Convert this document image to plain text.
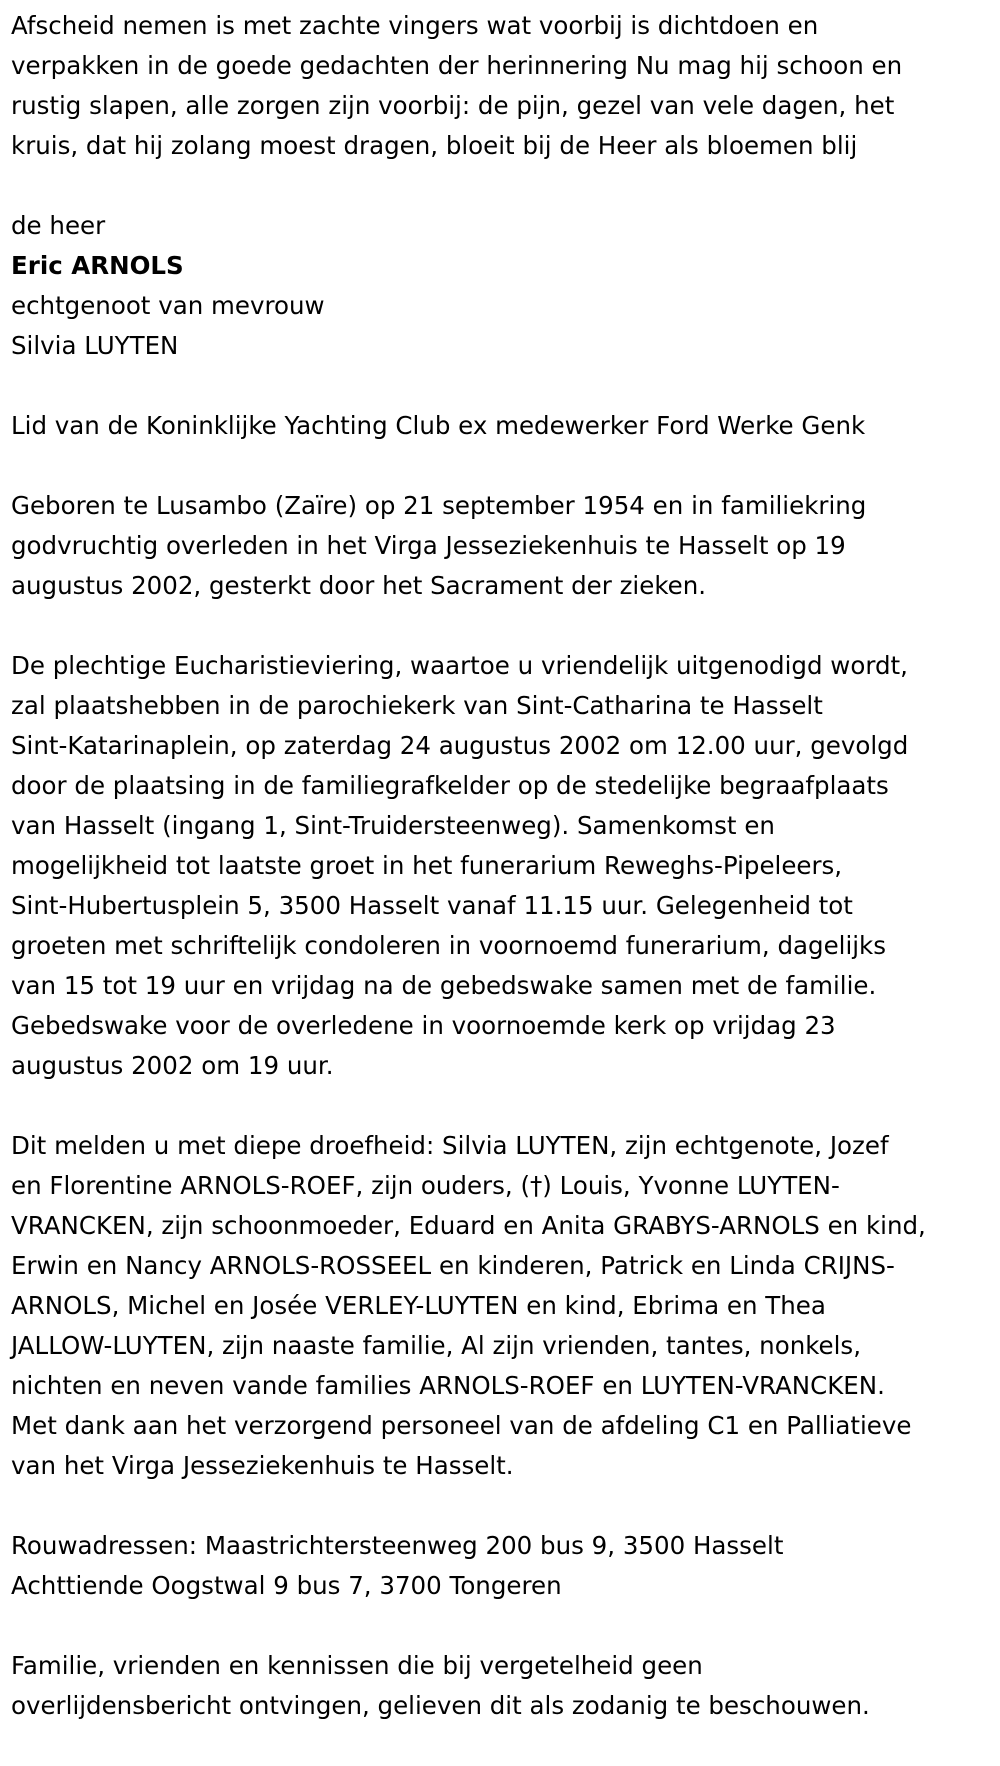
Afscheid nemen is met zachte vingers wat voorbij is dichtdoen en
verpakken in de goede gedachten der herinnering Nu mag hij schoon en
rustig slapen, alle zorgen zijn voorbij: de pijn, gezel van vele dagen, het
kruis, dat hij zolang moest dragen, bloeit bij de Heer als bloemen blij

de heer

Eric ARNOLS

echtgenoot van mevrouw

Silvia LUYTEN

Lid van de Koninklijke Yachting Club ex medewerker Ford Werke Genk

Geboren te Lusambo (Zaïre) op 21 september 1954 en in familiekring
godvruchtig overleden in het Virga Jesseziekenhuis te Hasselt op 19
augustus 2002, gesterkt door het Sacrament der zieken.

De plechtige Eucharistieviering, waartoe u vriendelijk uitgenodigd wordt,
zal plaatshebben in de parochiekerk van Sint-Catharina te Hasselt
Sint-Katarinaplein, op zaterdag 24 augustus 2002 om 12.00 uur, gevolgd
door de plaatsing in de familiegrafkelder op de stedelijke begraafplaats
van Hasselt (ingang 1, Sint-Truidersteenweg). Samenkomst en
mogelijkheid tot laatste groet in het funerarium Reweghs-Pipeleers,
Sint-Hubertusplein 5, 3500 Hasselt vanaf 11.15 uur. Gelegenheid tot
groeten met schriftelijk condoleren in voornoemd funerarium, dagelijks
van 15 tot 19 uur en vrijdag na de gebedswake samen met de familie.
Gebedswake voor de overledene in voornoemde kerk op vrijdag 23
augustus 2002 om 19 uur.

Dit melden u met diepe droefheid: Silvia LUYTEN, zijn echtgenote, Jozef
en Florentine ARNOLS-ROEF, zijn ouders, (†) Louis, Yvonne LUYTEN-
VRANCKEN, zijn schoonmoeder, Eduard en Anita GRABYS-ARNOLS en kind,
Erwin en Nancy ARNOLS-ROSSEEL en kinderen, Patrick en Linda CRIJNS-
ARNOLS, Michel en Josée VERLEY-LUYTEN en kind, Ebrima en Thea
JALLOW-LUYTEN, zijn naaste familie, Al zijn vrienden, tantes, nonkels,
nichten en neven vande families ARNOLS-ROEF en LUYTEN-VRANCKEN.
Met dank aan het verzorgend personeel van de afdeling C1 en Palliatieve
van het Virga Jesseziekenhuis te Hasselt.

Rouwadressen: Maastrichtersteenweg 200 bus 9, 3500 Hasselt
Achttiende Oogstwal 9 bus 7, 3700 Tongeren

Familie, vrienden en kennissen die bij vergetelheid geen
overlijdensbericht ontvingen, gelieven dit als zodanig te beschouwen.
